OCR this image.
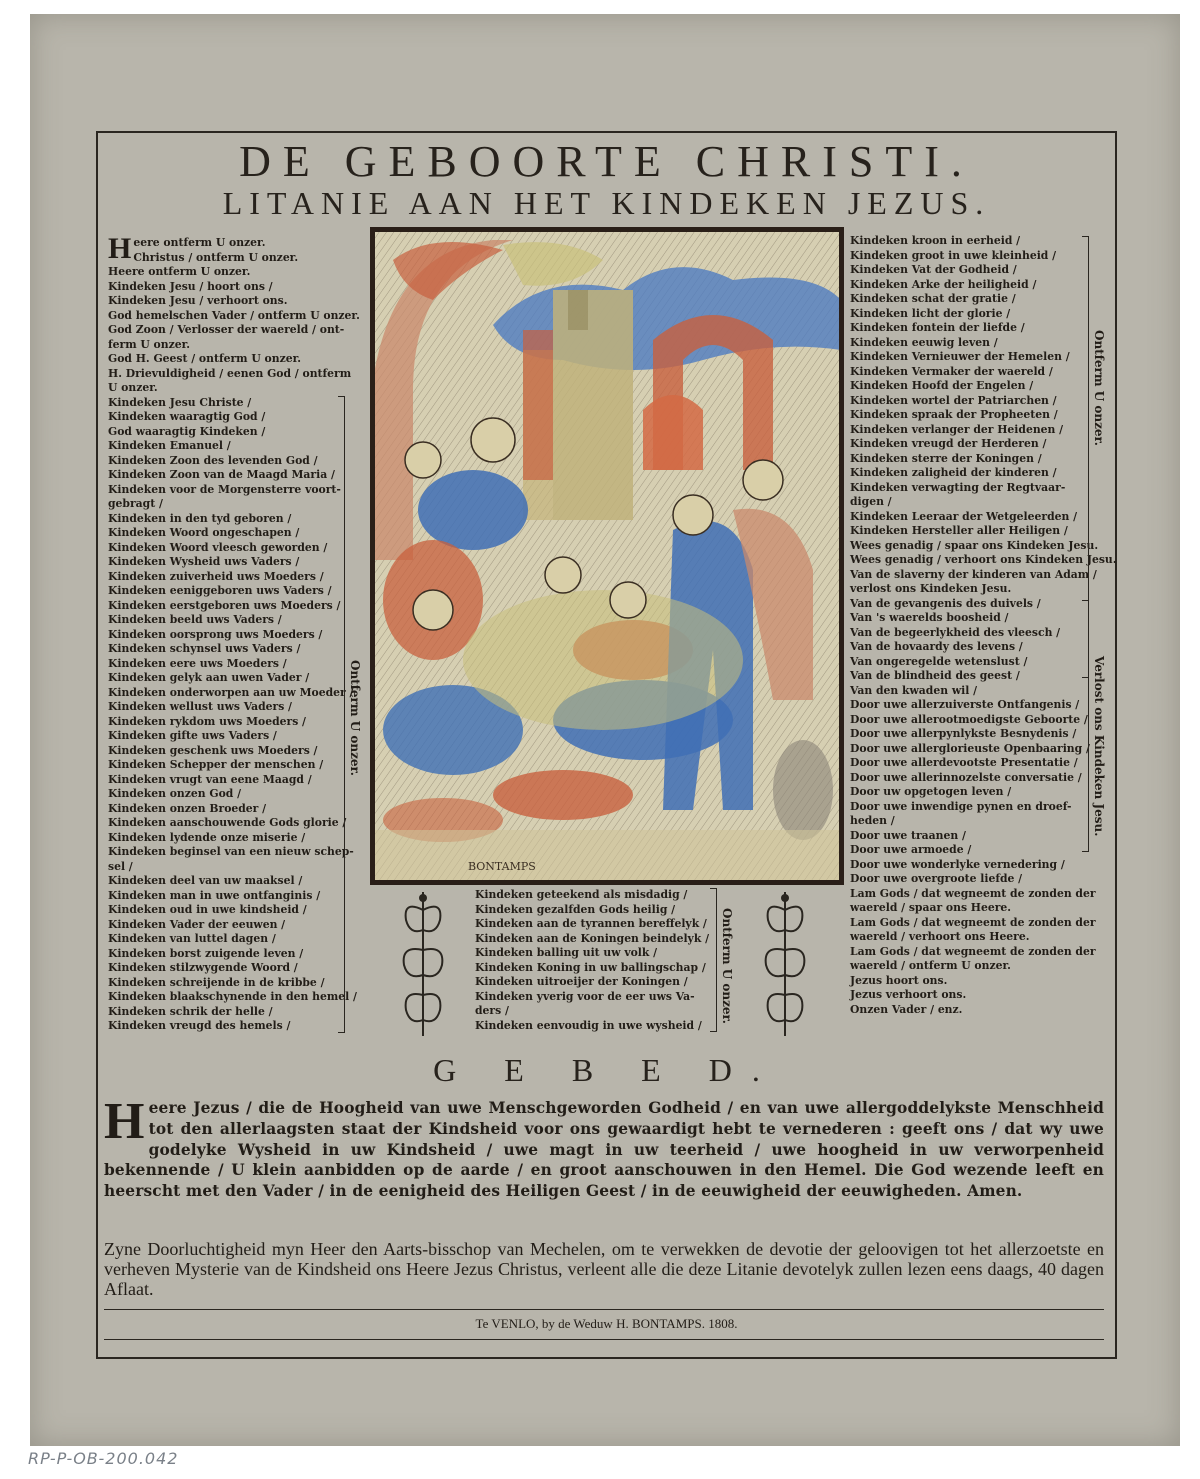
DE GEBOORTE CHRISTI.
LITANIE AAN HET KINDEKEN JEZUS.
H eere ontferm U onzer.
Christus / ontferm U onzer.
Heere ontferm U onzer.
Kindeken Jesu / hoort ons /
Kindeken Jesu / verhoort ons.
God hemelschen Vader / ontferm U onzer.
God Zoon / Verlosser der waereld / ont-
ferm U onzer.
God H. Geest / ontferm U onzer.
H. Drievuldigheid / eenen God / ontferm
U onzer.
Kindeken Jesu Christe /
Kindeken waaragtig God /
God waaragtig Kindeken /
Kindeken Emanuel /
Kindeken Zoon des levenden God /
Kindeken Zoon van de Maagd Maria /
Kindeken voor de Morgensterre voort-
gebragt /
Kindeken in den tyd geboren /
Kindeken Woord ongeschapen /
Kindeken Woord vleesch geworden /
Kindeken Wysheid uws Vaders /
Kindeken zuiverheid uws Moeders /
Kindeken eeniggeboren uws Vaders /
Kindeken eerstgeboren uws Moeders /
Kindeken beeld uws Vaders /
Kindeken oorsprong uws Moeders /
Kindeken schynsel uws Vaders /
Kindeken eere uws Moeders /
Kindeken gelyk aan uwen Vader /
Kindeken onderworpen aan uw Moeder /
Kindeken wellust uws Vaders /
Kindeken rykdom uws Moeders /
Kindeken gifte uws Vaders /
Kindeken geschenk uws Moeders /
Kindeken Schepper der menschen /
Kindeken vrugt van eene Maagd /
Kindeken onzen God /
Kindeken onzen Broeder /
Kindeken aanschouwende Gods glorie /
Kindeken lydende onze miserie /
Kindeken beginsel van een nieuw schep-
sel /
Kindeken deel van uw maaksel /
Kindeken man in uwe ontfanginis /
Kindeken oud in uwe kindsheid /
Kindeken Vader der eeuwen /
Kindeken van luttel dagen /
Kindeken borst zuigende leven /
Kindeken stilzwygende Woord /
Kindeken schreijende in de kribbe /
Kindeken blaakschynende in den hemel /
Kindeken schrik der helle /
Kindeken vreugd des hemels /
Ontferm U onzer.
BONTAMPS
Kindeken kroon in eerheid /
Kindeken groot in uwe kleinheid /
Kindeken Vat der Godheid /
Kindeken Arke der heiligheid /
Kindeken schat der gratie /
Kindeken licht der glorie /
Kindeken fontein der liefde /
Kindeken eeuwig leven /
Kindeken Vernieuwer der Hemelen /
Kindeken Vermaker der waereld /
Kindeken Hoofd der Engelen /
Kindeken wortel der Patriarchen /
Kindeken spraak der Propheeten /
Kindeken verlanger der Heidenen /
Kindeken vreugd der Herderen /
Kindeken sterre der Koningen /
Kindeken zaligheid der kinderen /
Kindeken verwagting der Regtvaar-
digen /
Kindeken Leeraar der Wetgeleerden /
Kindeken Hersteller aller Heiligen /
Wees genadig / spaar ons Kindeken Jesu.
Wees genadig / verhoort ons Kindeken Jesu.
Van de slaverny der kinderen van Adam /
verlost ons Kindeken Jesu.
Van de gevangenis des duivels /
Van 's waerelds boosheid /
Van de begeerlykheid des vleesch /
Van de hovaardy des levens /
Van ongeregelde wetenslust /
Van de blindheid des geest /
Van den kwaden wil /
Door uwe allerzuiverste Ontfangenis /
Door uwe allerootmoedigste Geboorte /
Door uwe allerpynlykste Besnydenis /
Door uwe allerglorieuste Openbaaring /
Door uwe allerdevootste Presentatie /
Door uwe allerinnozelste conversatie /
Door uw opgetogen leven /
Door uwe inwendige pynen en droef-
heden /
Door uwe traanen /
Door uwe armoede /
Door uwe wonderlyke vernedering /
Door uwe overgroote liefde /
Lam Gods / dat wegneemt de zonden der
waereld / spaar ons Heere.
Lam Gods / dat wegneemt de zonden der
waereld / verhoort ons Heere.
Lam Gods / dat wegneemt de zonden der
waereld / ontferm U onzer.
Jezus hoort ons.
Jezus verhoort ons.
Onzen Vader / enz.
Ontferm U onzer.
Verlost ons Kindeken Jesu.
Kindeken geteekend als misdadig /
Kindeken gezalfden Gods heilig /
Kindeken aan de tyrannen bereffelyk /
Kindeken aan de Koningen beindelyk /
Kindeken balling uit uw volk /
Kindeken Koning in uw ballingschap /
Kindeken uitroeijer der Koningen /
Kindeken yverig voor de eer uws Va-
ders /
Kindeken eenvoudig in uwe wysheid /
Ontferm U onzer.
G E B E D.
Heere Jezus / die de Hoogheid van uwe Menschgeworden Godheid / en van uwe allergoddelykste Menschheid tot den allerlaagsten staat der Kindsheid voor ons gewaardigt hebt te vernederen : geeft ons / dat wy uwe godelyke Wysheid in uw Kindsheid / uwe magt in uw teerheid / uwe hoogheid in uw verworpenheid bekennende / U klein aanbidden op de aarde / en groot aanschouwen in den Hemel. Die God wezende leeft en heerscht met den Vader / in de eenigheid des Heiligen Geest / in de eeuwigheid der eeuwigheden. Amen.
Zyne Doorluchtigheid myn Heer den Aarts-bisschop van Mechelen, om te verwekken de devotie der geloovigen tot het allerzoetste en verheven Mysterie van de Kindsheid ons Heere Jezus Christus, verleent alle die deze Litanie devotelyk zullen lezen eens daags, 40 dagen Aflaat.
Te VENLO, by de Weduw H. BONTAMPS. 1808.
RP-P-OB-200.042
